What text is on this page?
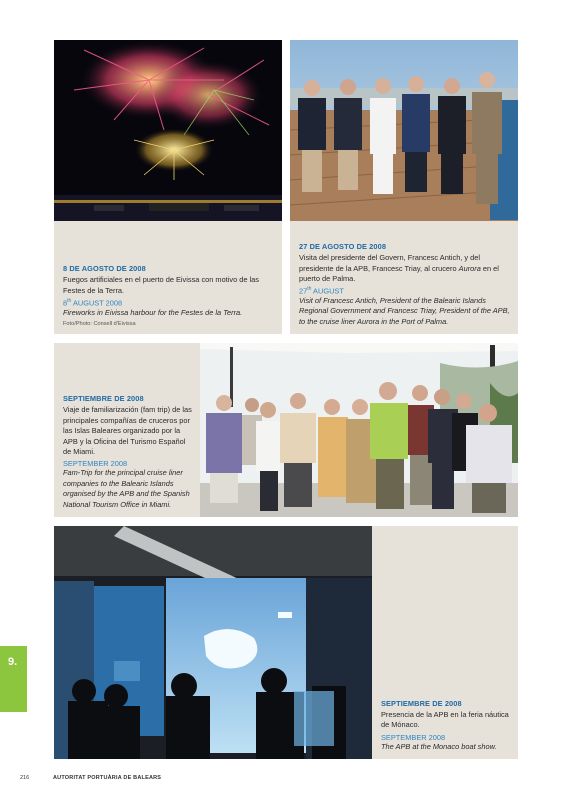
8 DE AGOSTO DE 2008
Fuegos artificiales en el puerto de Eivissa con motivo de las Festes de la Terra.
8th AUGUST 2008
Fireworks in Eivissa harbour for the Festes de la Terra.
Foto/Photo: Consell d'Eivissa
27 DE AGOSTO DE 2008
Visita del presidente del Govern, Francesc Antich, y del presidente de la APB, Francesc Triay, al crucero Aurora en el puerto de Palma.
27th AUGUST
Visit of Francesc Antich, President of the Balearic Islands Regional Government and Francesc Triay, President of the APB, to the cruise liner Aurora in the Port of Palma.
SEPTIEMBRE DE 2008
Viaje de familiarización (fam trip) de las principales compañías de cruceros por las Islas Baleares organizado por la APB y la Oficina del Turismo Español de Miami.
SEPTEMBER 2008
Fam-Trip for the principal cruise liner companies to the Balearic Islands organised by the APB and the Spanish National Tourism Office in Miami.
SEPTIEMBRE DE 2008
Presencia de la APB en la feria náutica de Mónaco.
SEPTEMBER 2008
The APB at the Monaco boat show.
9.
216	AUTORITAT PORTUÀRIA DE BALEARS
